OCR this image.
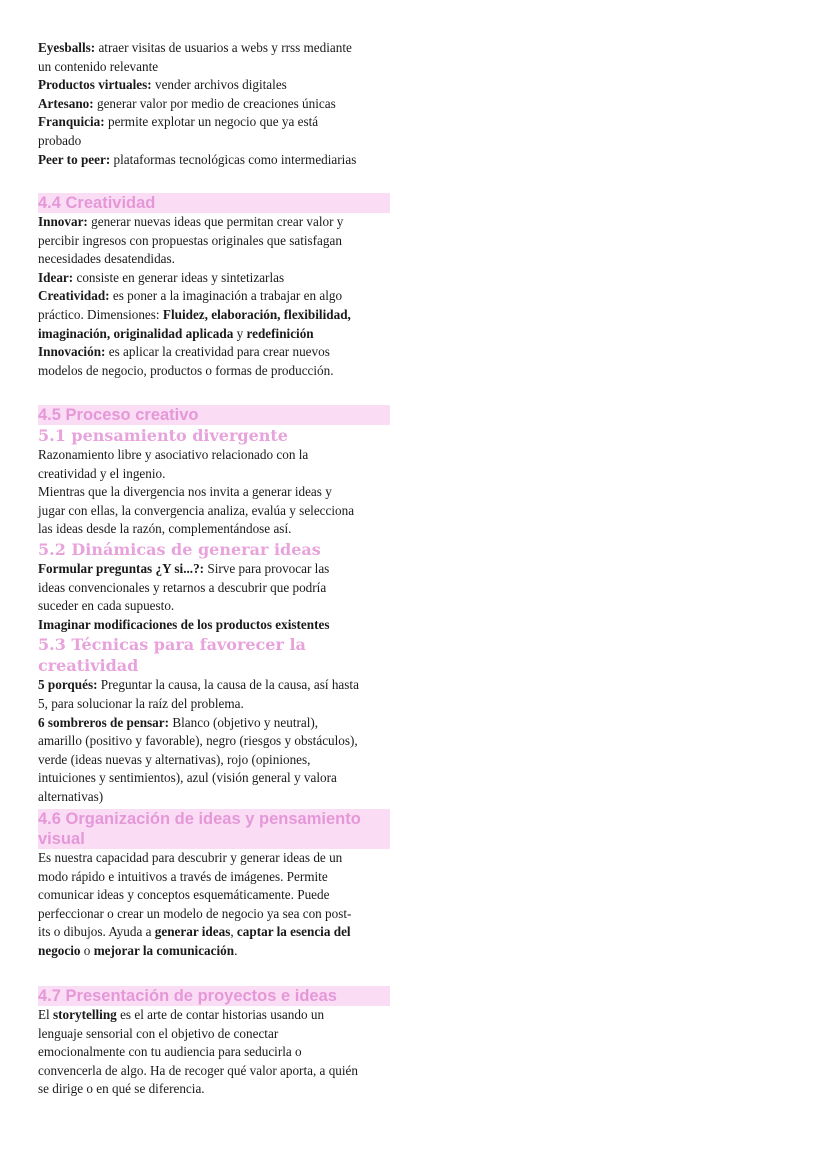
Eyesballs: atraer visitas de usuarios a webs y rrss mediante

un contenido relevante

Productos virtuales: vender archivos digitales

Artesano: generar valor por medio de creaciones únicas

Franquicia: permite explotar un negocio que ya está

probado

Peer to peer: plataformas tecnológicas como intermediarias

4.4 Creatividad

Innovar: generar nuevas ideas que permitan crear valor y

percibir ingresos con propuestas originales que satisfagan

necesidades desatendidas.

Idear: consiste en generar ideas y sintetizarlas

Creatividad: es poner a la imaginación a trabajar en algo

práctico. Dimensiones: Fluidez, elaboración, flexibilidad,

imaginación, originalidad aplicada y redefinición

Innovación: es aplicar la creatividad para crear nuevos

modelos de negocio, productos o formas de producción.

4.5 Proceso creativo
5.1 pensamiento divergente

Razonamiento libre y asociativo relacionado con la

creatividad y el ingenio.

Mientras que la divergencia nos invita a generar ideas y

jugar con ellas, la convergencia analiza, evalúa y selecciona

las ideas desde la razón, complementándose así.

5.2 Dinámicas de generar ideas

Formular preguntas ¿Y si...?: Sirve para provocar las

ideas convencionales y retarnos a descubrir que podría

suceder en cada supuesto.

Imaginar modificaciones de los productos existentes

5.3 Técnicas para favorecer la creatividad

5 porqués: Preguntar la causa, la causa de la causa, así hasta

5, para solucionar la raíz del problema.

6 sombreros de pensar: Blanco (objetivo y neutral),

amarillo (positivo y favorable), negro (riesgos y obstáculos),

verde (ideas nuevas y alternativas), rojo (opiniones,

intuiciones y sentimientos), azul (visión general y valora

alternativas)

4.6 Organización de ideas y pensamiento
visual

Es nuestra capacidad para descubrir y generar ideas de un

modo rápido e intuitivos a través de imágenes. Permite

comunicar ideas y conceptos esquemáticamente. Puede

perfeccionar o crear un modelo de negocio ya sea con post-

its o dibujos. Ayuda a generar ideas, captar la esencia del

negocio o mejorar la comunicación.

4.7 Presentación de proyectos e ideas

El storytelling es el arte de contar historias usando un

lenguaje sensorial con el objetivo de conectar

emocionalmente con tu audiencia para seducirla o

convencerla de algo. Ha de recoger qué valor aporta, a quién

se dirige o en qué se diferencia.
